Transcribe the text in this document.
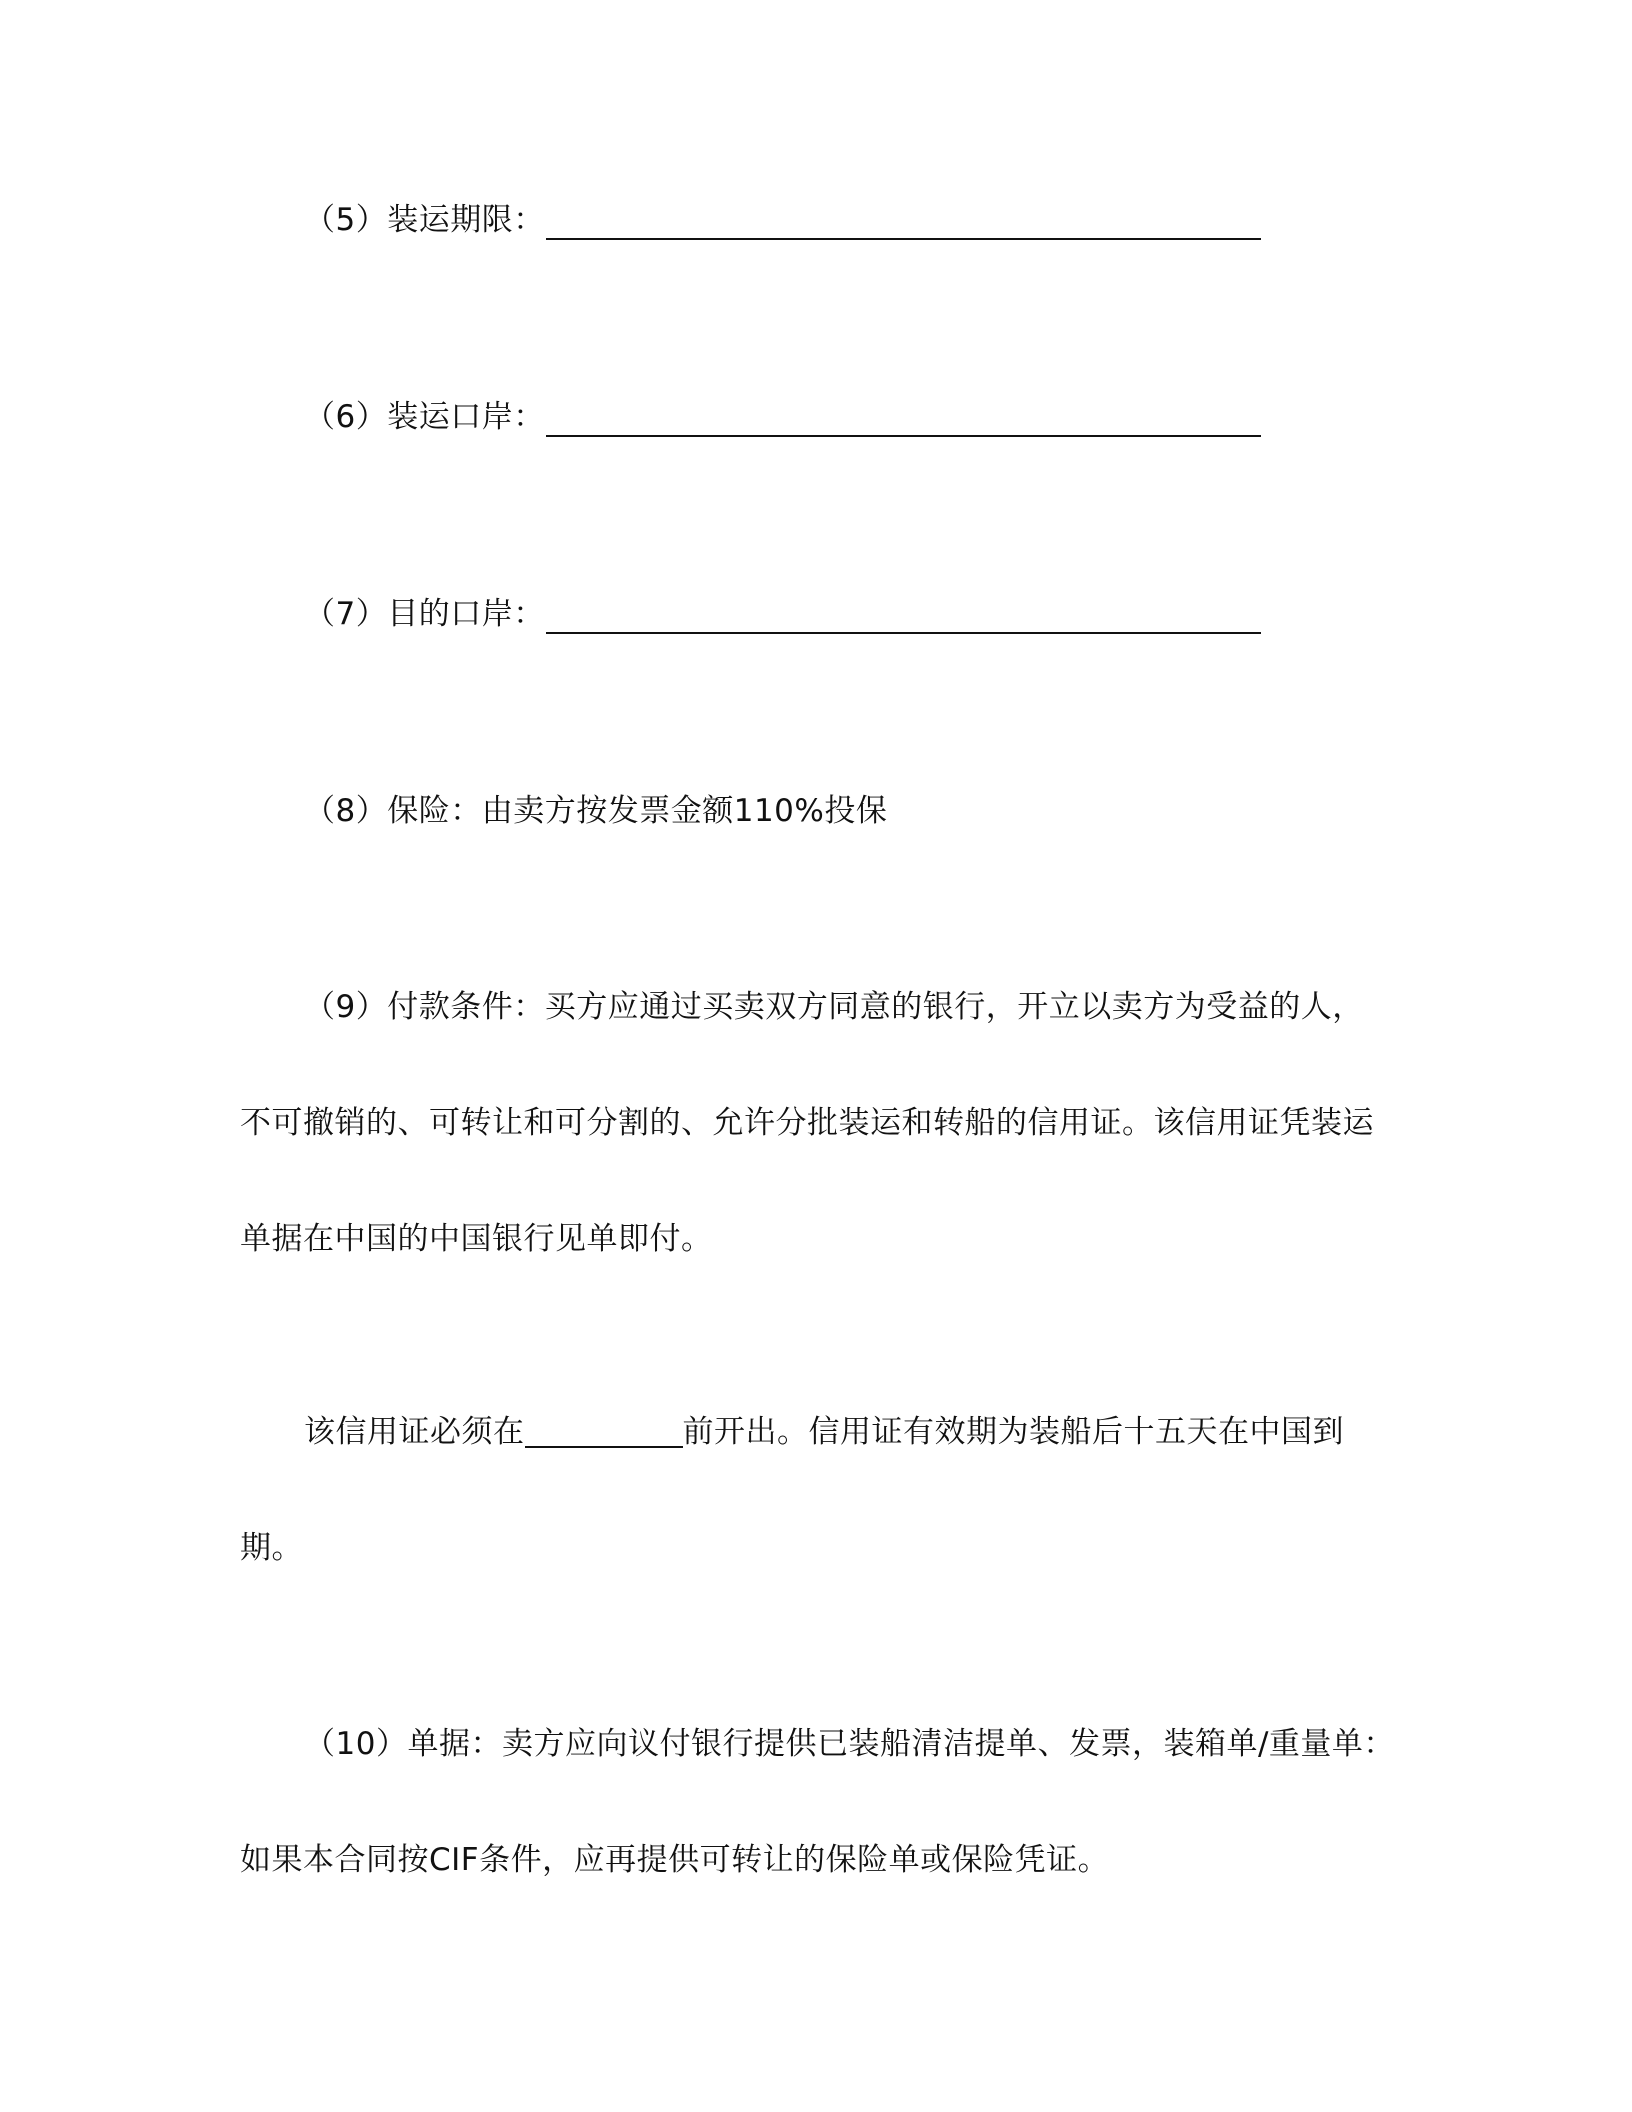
（5）装运期限：
（6）装运口岸：
（7）目的口岸：
（8）保险：由卖方按发票金额110%投保
（9）付款条件：买方应通过买卖双方同意的银行，开立以卖方为受益的人，
不可撤销的、可转让和可分割的、允许分批装运和转船的信用证。该信用证凭装运
单据在中国的中国银行见单即付。
该信用证必须在	前开出。信用证有效期为装船后十五天在中国到
期。
（10）单据：卖方应向议付银行提供已装船清洁提单、发票，装箱单/重量单：
如果本合同按CIF条件，应再提供可转让的保险单或保险凭证。
